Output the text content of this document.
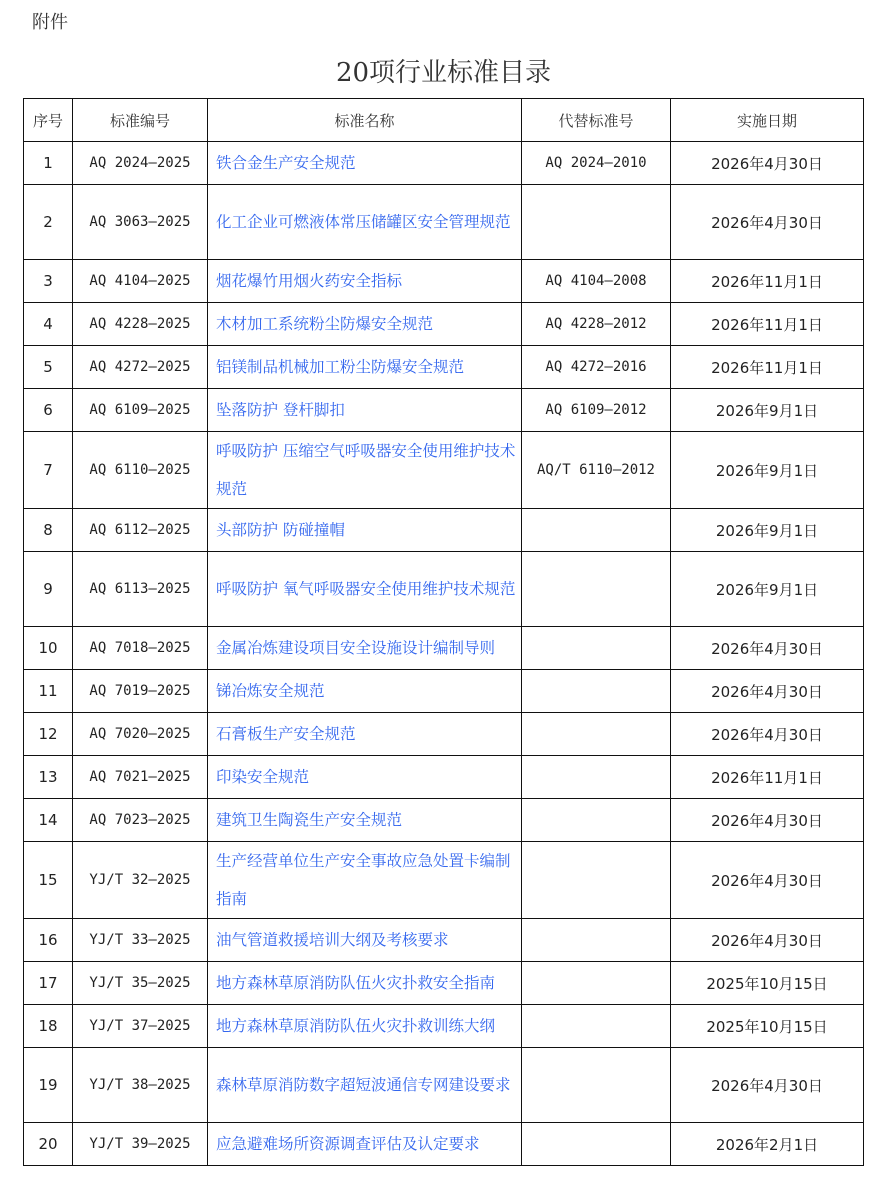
附件
20项行业标准目录
序号	标准编号	标准名称	代替标准号	实施日期
1	AQ 2024—2025	铁合金生产安全规范	AQ 2024—2010	2026年4月30日
2	AQ 3063—2025	化工企业可燃液体常压储罐区安全管理规范		2026年4月30日
3	AQ 4104—2025	烟花爆竹用烟火药安全指标	AQ 4104—2008	2026年11月1日
4	AQ 4228—2025	木材加工系统粉尘防爆安全规范	AQ 4228—2012	2026年11月1日
5	AQ 4272—2025	铝镁制品机械加工粉尘防爆安全规范	AQ 4272—2016	2026年11月1日
6	AQ 6109—2025	坠落防护 登杆脚扣	AQ 6109—2012	2026年9月1日
7	AQ 6110—2025	呼吸防护 压缩空气呼吸器安全使用维护技术规范	AQ/T 6110—2012	2026年9月1日
8	AQ 6112—2025	头部防护 防碰撞帽		2026年9月1日
9	AQ 6113—2025	呼吸防护 氧气呼吸器安全使用维护技术规范		2026年9月1日
10	AQ 7018—2025	金属冶炼建设项目安全设施设计编制导则		2026年4月30日
11	AQ 7019—2025	锑冶炼安全规范		2026年4月30日
12	AQ 7020—2025	石膏板生产安全规范		2026年4月30日
13	AQ 7021—2025	印染安全规范		2026年11月1日
14	AQ 7023—2025	建筑卫生陶瓷生产安全规范		2026年4月30日
15	YJ/T 32—2025	生产经营单位生产安全事故应急处置卡编制指南		2026年4月30日
16	YJ/T 33—2025	油气管道救援培训大纲及考核要求		2026年4月30日
17	YJ/T 35—2025	地方森林草原消防队伍火灾扑救安全指南		2025年10月15日
18	YJ/T 37—2025	地方森林草原消防队伍火灾扑救训练大纲		2025年10月15日
19	YJ/T 38—2025	森林草原消防数字超短波通信专网建设要求		2026年4月30日
20	YJ/T 39—2025	应急避难场所资源调查评估及认定要求		2026年2月1日
